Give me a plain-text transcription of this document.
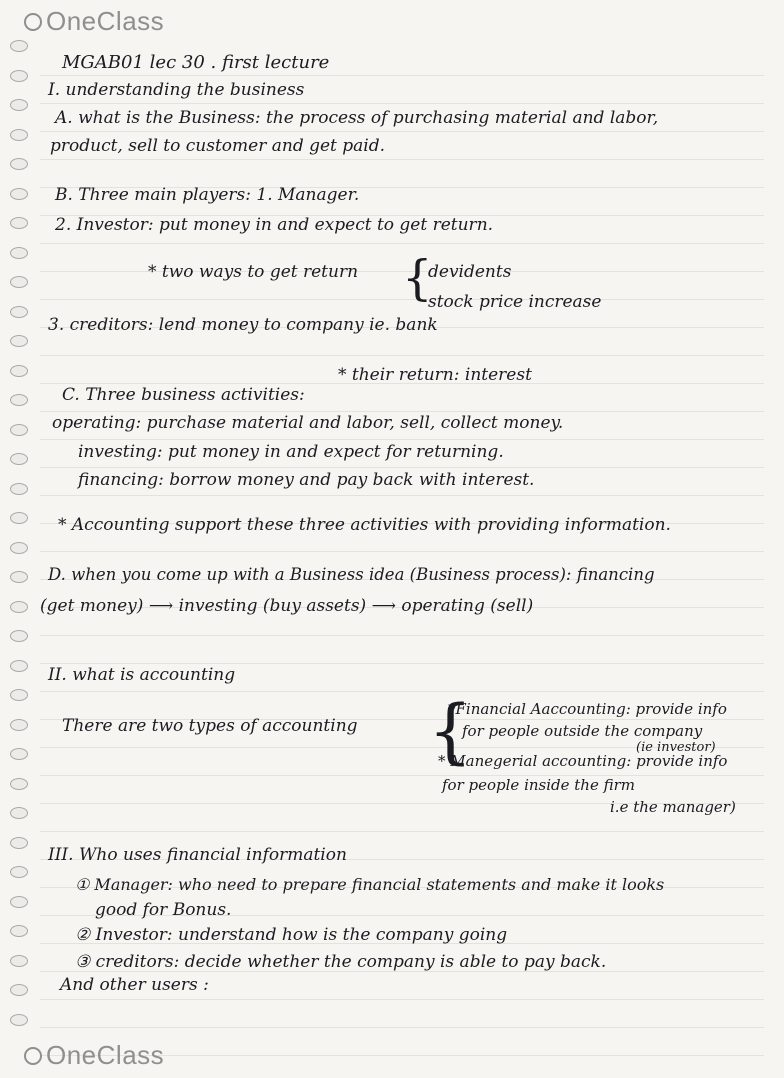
OneClass
MGAB01 lec 30 . first lecture
I. understanding the business
A. what is the Business: the process of purchasing material and labor,
product, sell to customer and get paid.
B. Three main players: 1. Manager.
2. Investor: put money in and expect to get return.
* two ways to get return {
devidents
stock price increase
3. creditors: lend money to company ie. bank
* their return: interest
C. Three business activities:
operating: purchase material and labor, sell, collect money.
investing: put money in and expect for returning.
financing: borrow money and pay back with interest.
* Accounting support these three activities with providing information.
D. when you come up with a Business idea (Business process): financing
(get money) ⟶ investing (buy assets) ⟶ operating (sell)
II. what is accounting
There are two types of accounting {
*Financial Aaccounting: provide info
for people outside the company
(ie investor)
* Manegerial accounting: provide info
for people inside the firm
i.e the manager)
III. Who uses financial information
① Manager: who need to prepare financial statements and make it looks
good for Bonus.
② Investor: understand how is the company going
③ creditors: decide whether the company is able to pay back.
And other users :
OneClass
